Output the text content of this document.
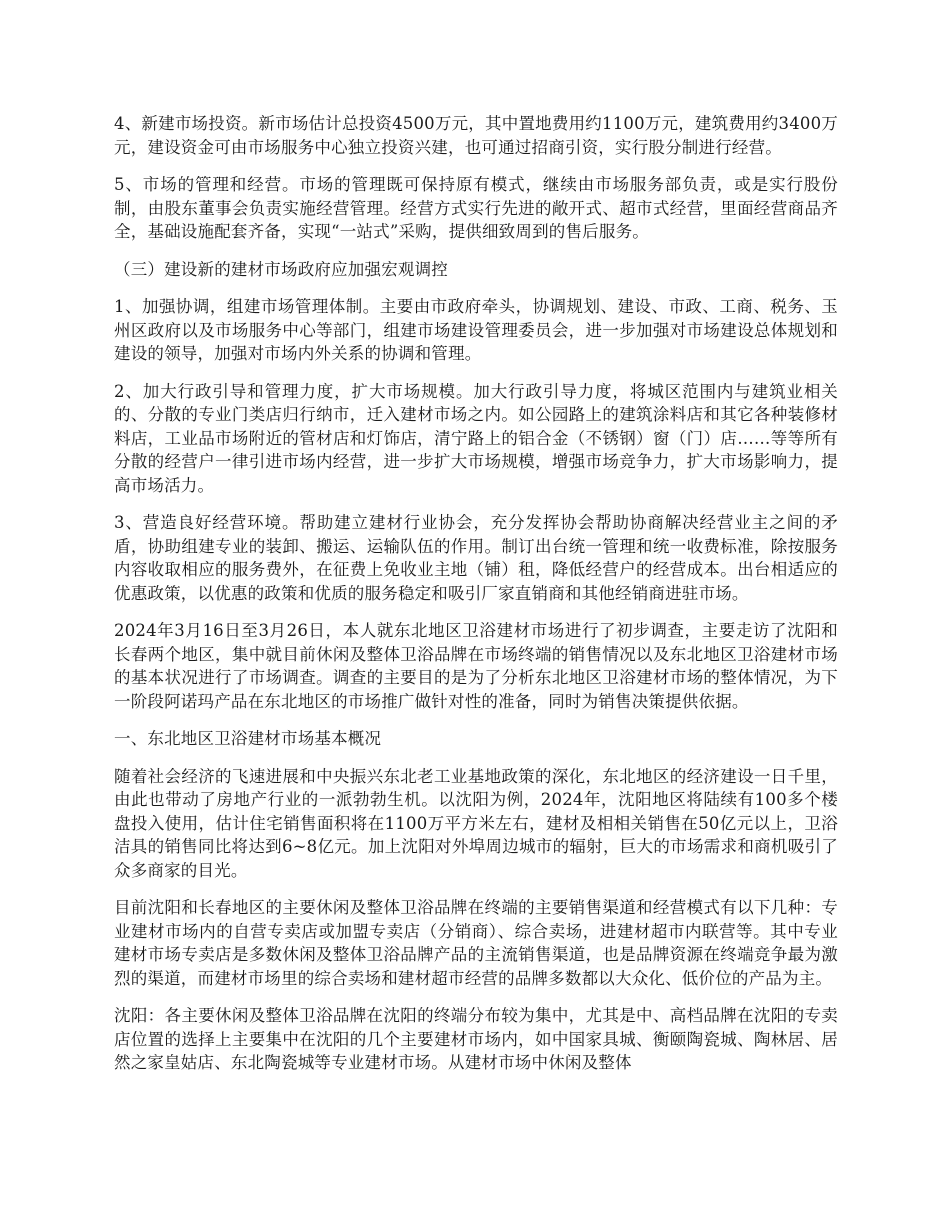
4、新建市场投资。新市场估计总投资4500万元，其中置地费用约1100万元，建筑费用约3400万元，建设资金可由市场服务中心独立投资兴建，也可通过招商引资，实行股分制进行经营。

5、市场的管理和经营。市场的管理既可保持原有模式，继续由市场服务部负责，或是实行股份制，由股东董事会负责实施经营管理。经营方式实行先进的敞开式、超市式经营，里面经营商品齐全，基础设施配套齐备，实现“一站式”采购，提供细致周到的售后服务。

（三）建设新的建材市场政府应加强宏观调控

1、加强协调，组建市场管理体制。主要由市政府牵头，协调规划、建设、市政、工商、税务、玉州区政府以及市场服务中心等部门，组建市场建设管理委员会，进一步加强对市场建设总体规划和建设的领导，加强对市场内外关系的协调和管理。

2、加大行政引导和管理力度，扩大市场规模。加大行政引导力度，将城区范围内与建筑业相关的、分散的专业门类店归行纳市，迁入建材市场之内。如公园路上的建筑涂料店和其它各种装修材料店，工业品市场附近的管材店和灯饰店，清宁路上的铝合金（不锈钢）窗（门）店……等等所有分散的经营户一律引进市场内经营，进一步扩大市场规模，增强市场竞争力，扩大市场影响力，提高市场活力。

3、营造良好经营环境。帮助建立建材行业协会，充分发挥协会帮助协商解决经营业主之间的矛盾，协助组建专业的装卸、搬运、运输队伍的作用。制订出台统一管理和统一收费标准，除按服务内容收取相应的服务费外，在征费上免收业主地（铺）租，降低经营户的经营成本。出台相适应的优惠政策，以优惠的政策和优质的服务稳定和吸引厂家直销商和其他经销商进驻市场。

2024年3月16日至3月26日，本人就东北地区卫浴建材市场进行了初步调查，主要走访了沈阳和长春两个地区，集中就目前休闲及整体卫浴品牌在市场终端的销售情况以及东北地区卫浴建材市场的基本状况进行了市场调查。调查的主要目的是为了分析东北地区卫浴建材市场的整体情况，为下一阶段阿诺玛产品在东北地区的市场推广做针对性的准备，同时为销售决策提供依据。

一、东北地区卫浴建材市场基本概况

随着社会经济的飞速进展和中央振兴东北老工业基地政策的深化，东北地区的经济建设一日千里，由此也带动了房地产行业的一派勃勃生机。以沈阳为例，2024年，沈阳地区将陆续有100多个楼盘投入使用，估计住宅销售面积将在1100万平方米左右，建材及相相关销售在50亿元以上，卫浴洁具的销售同比将达到6~8亿元。加上沈阳对外埠周边城市的辐射，巨大的市场需求和商机吸引了众多商家的目光。

目前沈阳和长春地区的主要休闲及整体卫浴品牌在终端的主要销售渠道和经营模式有以下几种：专业建材市场内的自营专卖店或加盟专卖店（分销商）、综合卖场，进建材超市内联营等。其中专业建材市场专卖店是多数休闲及整体卫浴品牌产品的主流销售渠道，也是品牌资源在终端竞争最为激烈的渠道，而建材市场里的综合卖场和建材超市经营的品牌多数都以大众化、低价位的产品为主。

沈阳：各主要休闲及整体卫浴品牌在沈阳的终端分布较为集中，尤其是中、高档品牌在沈阳的专卖店位置的选择上主要集中在沈阳的几个主要建材市场内，如中国家具城、衡颐陶瓷城、陶林居、居然之家皇姑店、东北陶瓷城等专业建材市场。从建材市场中休闲及整体
